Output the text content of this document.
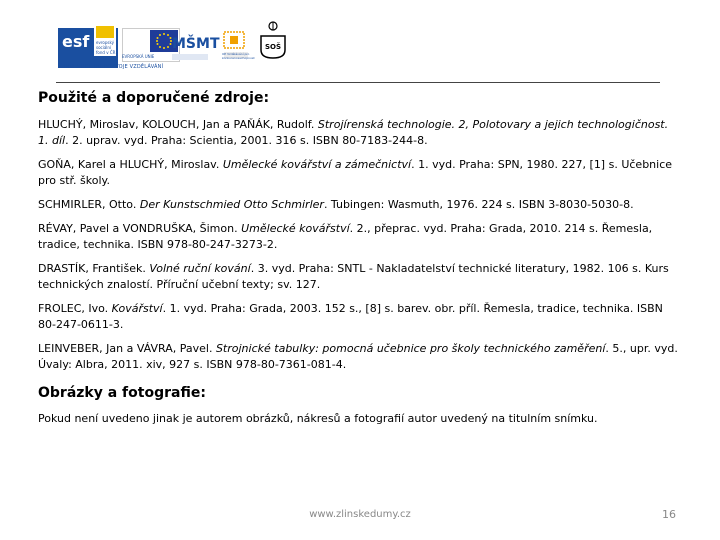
esf evropský sociální fond v ČR
EVROPSKÁ UNIE
MŠMT
OP Vzdělávání pro konkurenceschopnost
SOŠ
INVESTICE DO ROZVOJE VZDĚLÁVÁNÍ
Použité a doporučené zdroje:

HLUCHÝ, Miroslav, KOLOUCH, Jan a PAŇÁK, Rudolf. Strojírenská technologie. 2, Polotovary a jejich technologičnost. 1. díl. 2. uprav. vyd. Praha: Scientia, 2001. 316 s. ISBN 80-7183-244-8.

GOŇA, Karel a HLUCHÝ, Miroslav. Umělecké kovářství a zámečnictví. 1. vyd. Praha: SPN, 1980. 227, [1] s. Učebnice pro stř. školy.

SCHMIRLER, Otto. Der Kunstschmied Otto Schmirler. Tubingen: Wasmuth, 1976. 224 s. ISBN 3-8030-5030-8.

RÉVAY, Pavel a VONDRUŠKA, Šimon. Umělecké kovářství. 2., přeprac. vyd. Praha: Grada, 2010. 214 s. Řemesla, tradice, technika. ISBN 978-80-247-3273-2.

DRASTÍK, František. Volné ruční kování. 3. vyd. Praha: SNTL - Nakladatelství technické literatury, 1982. 106 s. Kurs technických znalostí. Příruční učební texty; sv. 127.

FROLEC, Ivo. Kovářství. 1. vyd. Praha: Grada, 2003. 152 s., [8] s. barev. obr. příl. Řemesla, tradice, technika. ISBN 80-247-0611-3.

LEINVEBER, Jan a VÁVRA, Pavel. Strojnické tabulky: pomocná učebnice pro školy technického zaměření. 5., upr. vyd. Úvaly: Albra, 2011. xiv, 927 s. ISBN 978-80-7361-081-4.

Obrázky a fotografie:

Pokud není uvedeno jinak je autorem obrázků, nákresů a fotografií autor uvedený na titulním snímku.

www.zlinskedumy.cz	16
